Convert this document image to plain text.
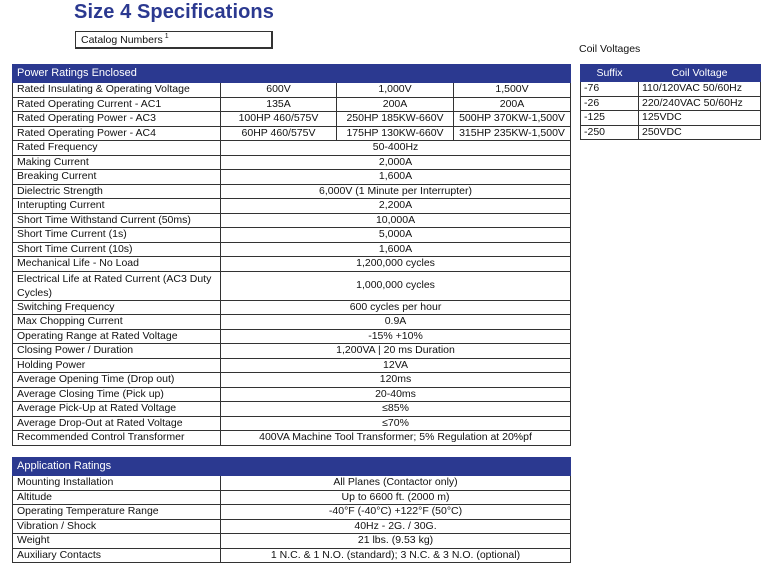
Size 4 Specifications
Catalog Numbers $^1$
Coil Voltages
Power Ratings Enclosed			
Rated Insulating & Operating Voltage	600V	1,000V	1,500V
Rated Operating Current - AC1	135A	200A	200A
Rated Operating Power - AC3	100HP 460/575V	250HP 185KW-660V	500HP 370KW-1,500V
Rated Operating Power - AC4	60HP 460/575V	175HP 130KW-660V	315HP 235KW-1,500V
Rated Frequency	50-400Hz		
Making Current	2,000A		
Breaking Current	1,600A		
Dielectric Strength	6,000V (1 Minute per Interrupter)		
Interupting Current	2,200A		
Short Time Withstand Current (50ms)	10,000A		
Short Time Current (1s)	5,000A		
Short Time Current (10s)	1,600A		
Mechanical Life - No Load	1,200,000 cycles		
Electrical Life at Rated Current (AC3 Duty Cycles)	1,000,000 cycles		
Switching Frequency	600 cycles per hour		
Max Chopping Current	0.9A		
Operating Range at Rated Voltage	-15% +10%		
Closing Power / Duration	1,200VA | 20 ms Duration		
Holding Power	12VA		
Average Opening Time (Drop out)	120ms		
Average Closing Time (Pick up)	20-40ms		
Average Pick-Up at Rated Voltage	≤85%		
Average Drop-Out at Rated Voltage	≤70%		
Recommended Control Transformer	400VA Machine Tool Transformer; 5% Regulation at 20%pf		
Application Ratings	
Mounting Installation	All Planes (Contactor only)
Altitude	Up to 6600 ft. (2000 m)
Operating Temperature Range	-40°F (-40°C) +122°F (50°C)
Vibration / Shock	40Hz - 2G. / 30G.
Weight	21 lbs. (9.53 kg)
Auxiliary Contacts	1 N.C. & 1 N.O. (standard); 3 N.C. & 3 N.O. (optional)
Suffix	Coil Voltage
-76	110/120VAC 50/60Hz
-26	220/240VAC 50/60Hz
-125	125VDC
-250	250VDC
